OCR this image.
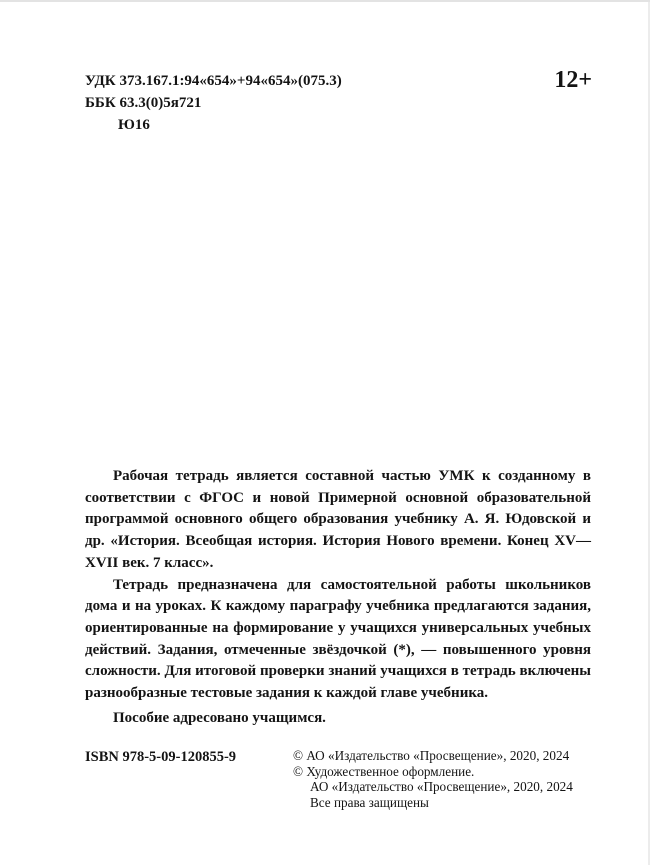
УДК 373.167.1:94«654»+94«654»(075.3)
ББК 63.3(0)5я721
Ю16
12+

Рабочая тетрадь является составной частью УМК к созданному в соответствии с ФГОС и новой Примерной основной образовательной программой основного общего образования учебнику А. Я. Юдовской и др. «История. Всеобщая история. История Нового времени. Конец XV—XVII век. 7 класс».

Тетрадь предназначена для самостоятельной работы школьников дома и на уроках. К каждому параграфу учебника предлагаются задания, ориентированные на формирование у учащихся универсальных учебных действий. Задания, отмеченные звёздочкой (*), — повышенного уровня сложности. Для итоговой проверки знаний учащихся в тетрадь включены разнообразные тестовые задания к каждой главе учебника.

Пособие адресовано учащимся.

ISBN 978-5-09-120855-9	© АО «Издательство «Просвещение», 2020, 2024
© Художественное оформление.
АО «Издательство «Просвещение», 2020, 2024
Все права защищены
